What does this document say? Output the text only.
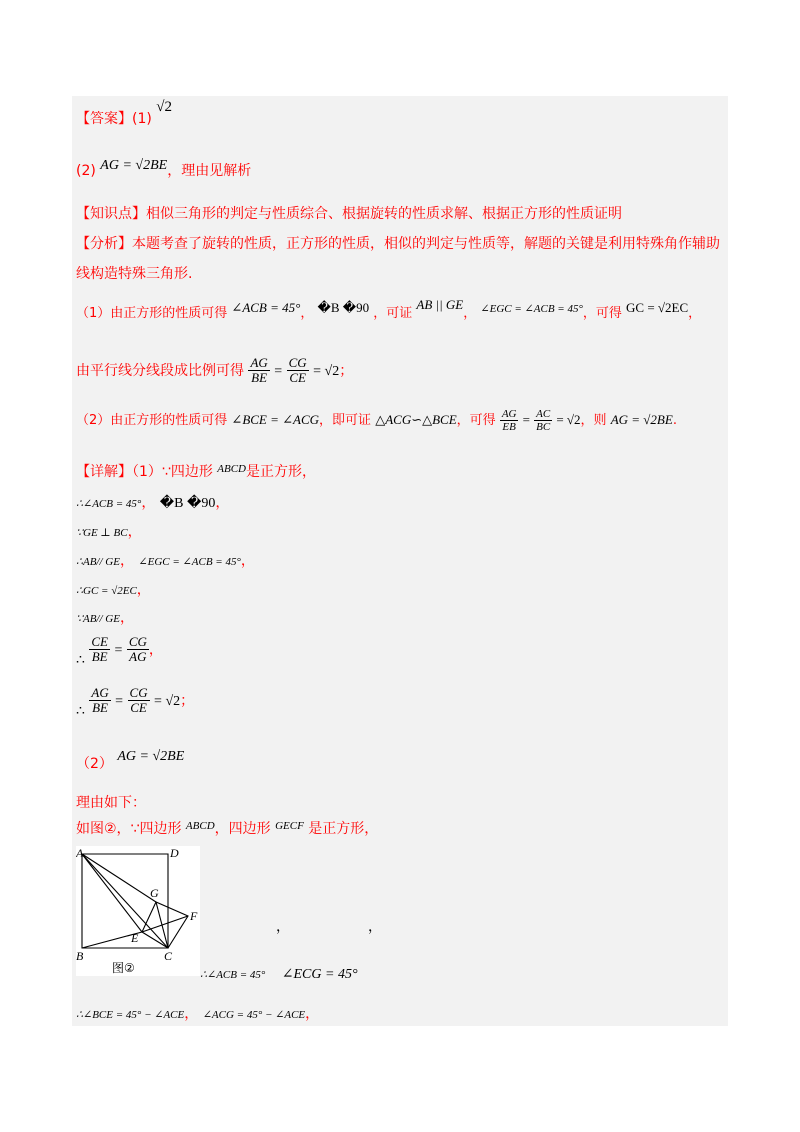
【答案】(1) √2
(2) AG = √2BE，理由见解析
【知识点】相似三角形的判定与性质综合、根据旋转的性质求解、根据正方形的性质证明
【分析】本题考查了旋转的性质，正方形的性质，相似的判定与性质等，解题的关键是利用特殊角作辅助
线构造特殊三角形.
（1）由正方形的性质可得 ∠ACB = 45°， �B �90 ，可证 AB || GE， $^{\angle EGC = \angle ACB = 45^\circ}$，可得 GC = √2EC，
由平行线分线段成比例可得 $\frac{AG}{BE} = \frac{CG}{CE} = √2$；
（2）由正方形的性质可得 ∠BCE = ∠ACG，即可证 △ACG∽△BCE，可得 $\frac{AG}{EB} = \frac{AC}{BC} = √2$，则 AG = √2BE.
【详解】（1）∵四边形 $^{ABCD}$是正方形，
∴∠ACB = 45°， �B �90，
∵GE ⊥ BC，
∴AB// GE， ∠EGC = ∠ACB = 45°，
∴GC = √2EC，
∵AB// GE，
∴ $\frac{CE}{BE} = \frac{CG}{AG}$ ，
∴ $\frac{AG}{BE} = \frac{CG}{CE} = √2$；
（2） AG = √2BE
理由如下：
如图②，∵四边形 $^{ABCD}$，四边形 $^{GECF}$ 是正方形，
A	D
G
F
E
B	C
图②
，	，
∴∠ACB = 45° ∠ECG = 45°
∴∠BCE = 45° − ∠ACE， ∠ACG = 45° − ∠ACE，
